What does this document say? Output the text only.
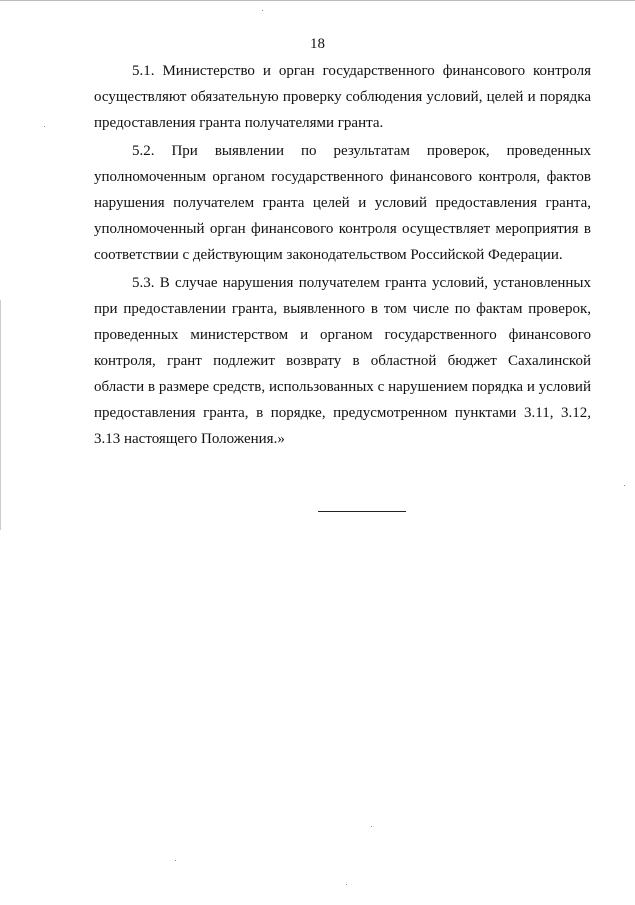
18

5.1. Министерство и орган государственного финансового контроля осуществляют обязательную проверку соблюдения условий, целей и порядка предоставления гранта получателями гранта.

5.2. При выявлении по результатам проверок, проведенных уполномоченным органом государственного финансового контроля, фактов нарушения получателем гранта целей и условий предоставления гранта, уполномоченный орган финансового контроля осуществляет мероприятия в соответствии с действующим законодательством Российской Федерации.

5.3. В случае нарушения получателем гранта условий, установленных при предоставлении гранта, выявленного в том числе по фактам проверок, проведенных министерством и органом государственного финансового контроля, грант подлежит возврату в областной бюджет Сахалинской области в размере средств, использованных с нарушением порядка и условий предоставления гранта, в порядке, предусмотренном пунктами 3.11, 3.12, 3.13 настоящего Положения.»
